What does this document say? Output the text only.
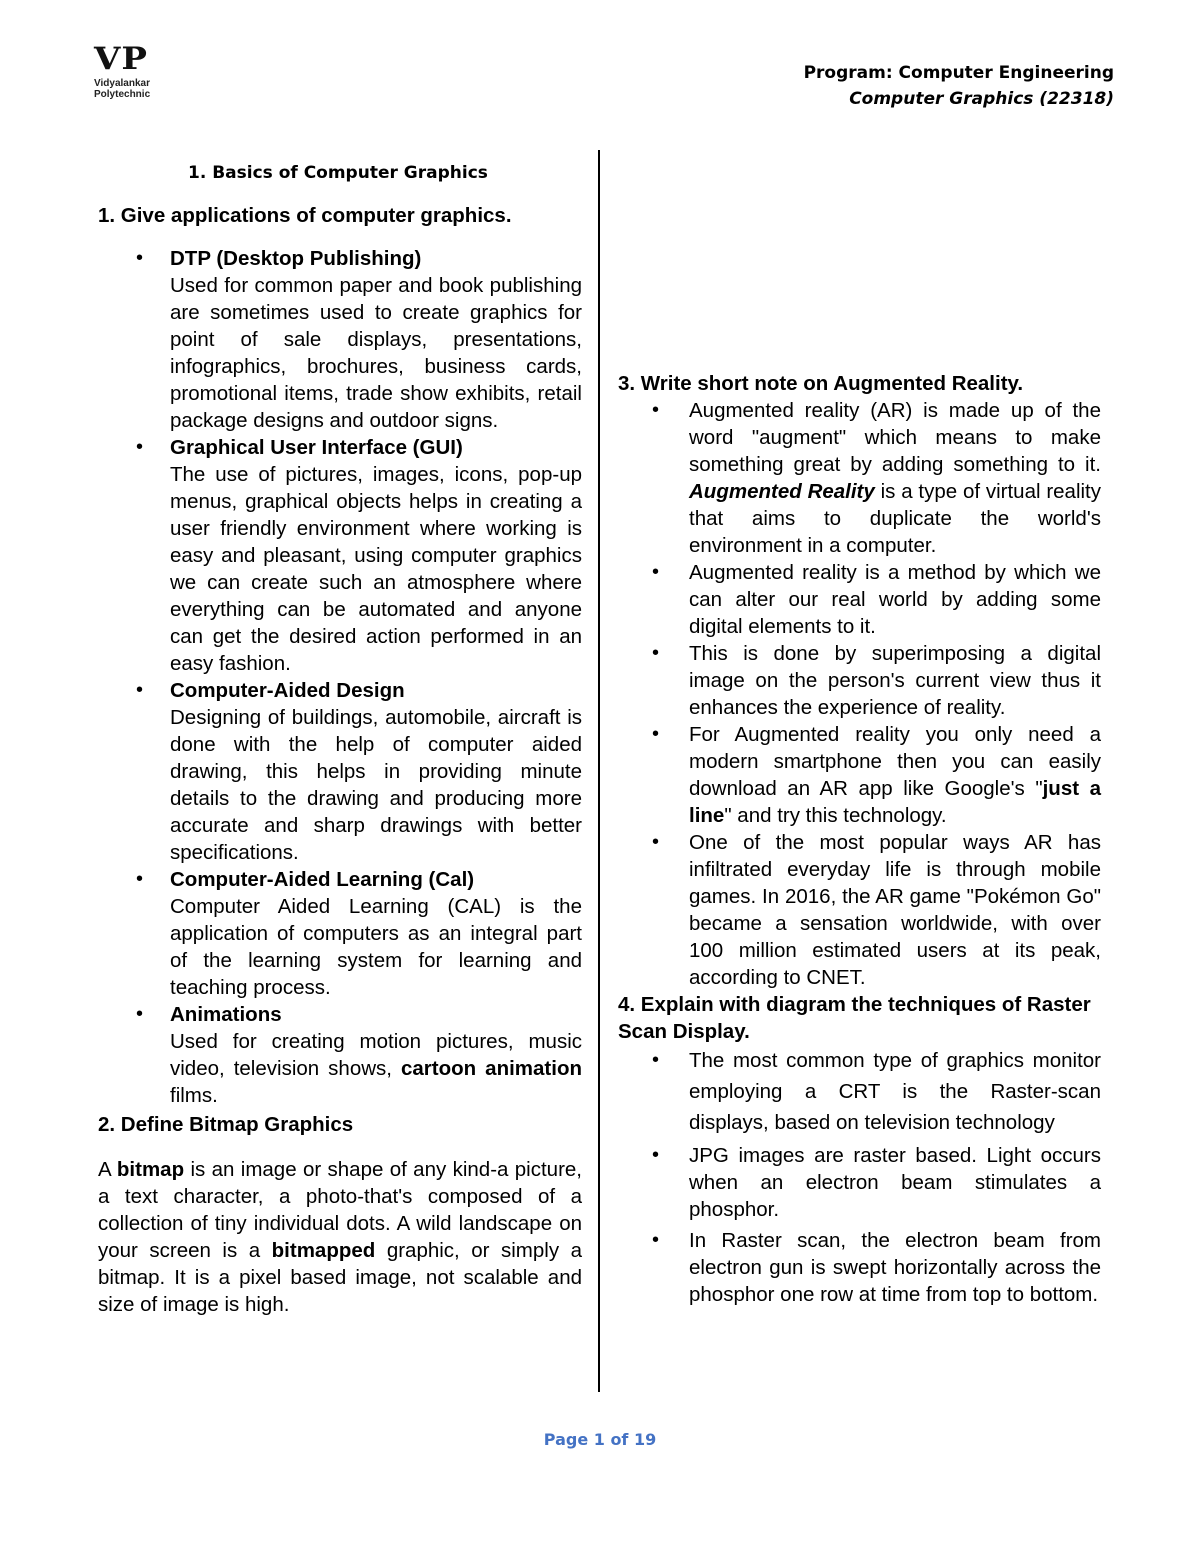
VP
Vidyalankar
Polytechnic
Program: Computer Engineering
Computer Graphics (22318)
1. Basics of Computer Graphics
1. Give applications of computer graphics.
• DTP (Desktop Publishing)
Used for common paper and book publishing are sometimes used to create graphics for point of sale displays, presentations, infographics, brochures, business cards, promotional items, trade show exhibits, retail package designs and outdoor signs.
• Graphical User Interface (GUI)
The use of pictures, images, icons, pop-up menus, graphical objects helps in creating a user friendly environment where working is easy and pleasant, using computer graphics we can create such an atmosphere where everything can be automated and anyone can get the desired action performed in an easy fashion.
• Computer-Aided Design
Designing of buildings, automobile, aircraft is done with the help of computer aided drawing, this helps in providing minute details to the drawing and producing more accurate and sharp drawings with better specifications.
• Computer-Aided Learning (Cal)
Computer Aided Learning (CAL) is the application of computers as an integral part of the learning system for learning and teaching process.
• Animations
Used for creating motion pictures, music video, television shows, cartoon animation films.
2. Define Bitmap Graphics

A bitmap is an image or shape of any kind-a picture, a text character, a photo-that's composed of a collection of tiny individual dots. A wild landscape on your screen is a bitmapped graphic, or simply a bitmap. It is a pixel based image, not scalable and size of image is high.

3. Write short note on Augmented Reality.
• Augmented reality (AR) is made up of the word "augment" which means to make something great by adding something to it. Augmented Reality is a type of virtual reality that aims to duplicate the world's environment in a computer.
• Augmented reality is a method by which we can alter our real world by adding some digital elements to it.
• This is done by superimposing a digital image on the person's current view thus it enhances the experience of reality.
• For Augmented reality you only need a modern smartphone then you can easily download an AR app like Google's "just a line" and try this technology.
• One of the most popular ways AR has infiltrated everyday life is through mobile games. In 2016, the AR game "Pokémon Go" became a sensation worldwide, with over 100 million estimated users at its peak, according to CNET.
4. Explain with diagram the techniques of Raster Scan Display.
• The most common type of graphics monitor employing a CRT is the Raster-scan displays, based on television technology
• JPG images are raster based. Light occurs when an electron beam stimulates a phosphor.
• In Raster scan, the electron beam from electron gun is swept horizontally across the phosphor one row at time from top to bottom.
Page 1 of 19
